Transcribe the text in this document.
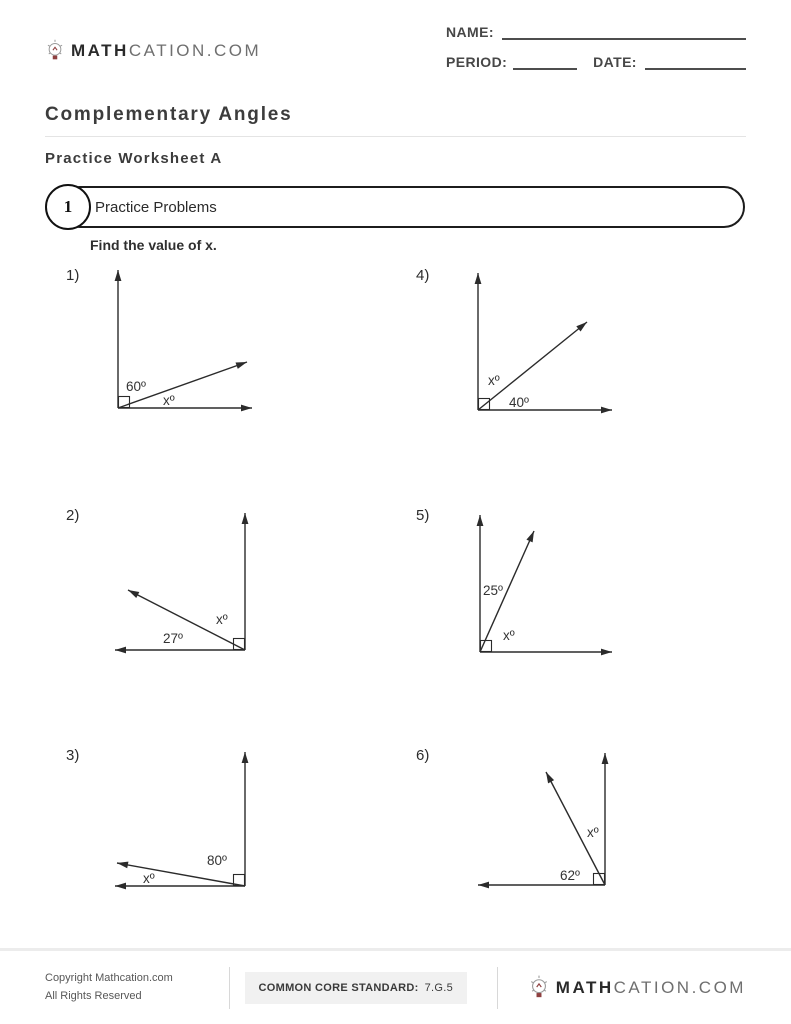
MATHCATION.COM
NAME:
PERIOD:	DATE:
Complementary Angles
Practice Worksheet A
Practice Problems
1
Find the value of x.
1)
60º
xº
2)
xº
27º
3)
80º
xº
4)
xº
40º
5)
25º
xº
6)
xº
62º
Copyright Mathcation.com
All Rights Reserved
COMMON CORE STANDARD: 7.G.5	MATHCATION.COM
